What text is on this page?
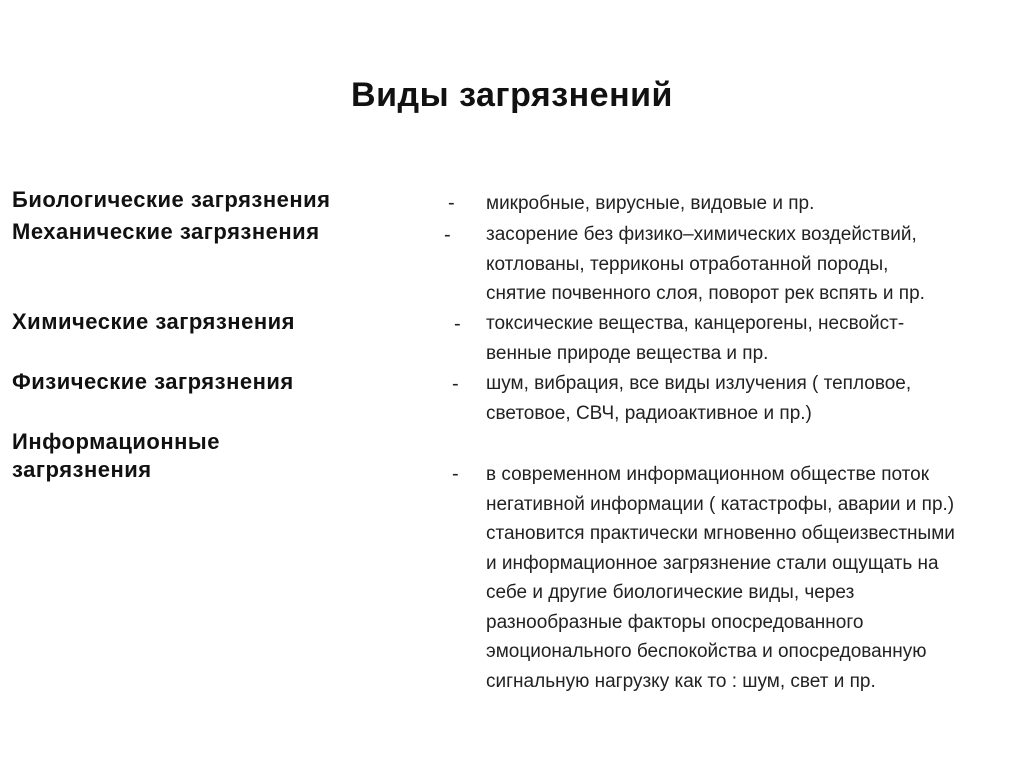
Виды загрязнений
Биологические загрязнения	- микробные, вирусные, видовые и пр.
Механические загрязнения	- засорение без физико–химических воздействий,
котлованы, терриконы отработанной породы,
снятие почвенного слоя, поворот рек вспять и пр.
Химические загрязнения	- токсические вещества, канцерогены, несвойст-
венные природе вещества и пр.
Физические загрязнения	- шум, вибрация, все виды излучения ( тепловое,
световое, СВЧ, радиоактивное и пр.)
Информационные
загрязнения	- в современном информационном обществе поток
негативной информации ( катастрофы, аварии и пр.)
становится практически мгновенно общеизвестными
и информационное загрязнение стали ощущать на
себе и другие биологические виды, через
разнообразные факторы опосредованного
эмоционального беспокойства и опосредованную
сигнальную нагрузку как то : шум, свет и пр.
